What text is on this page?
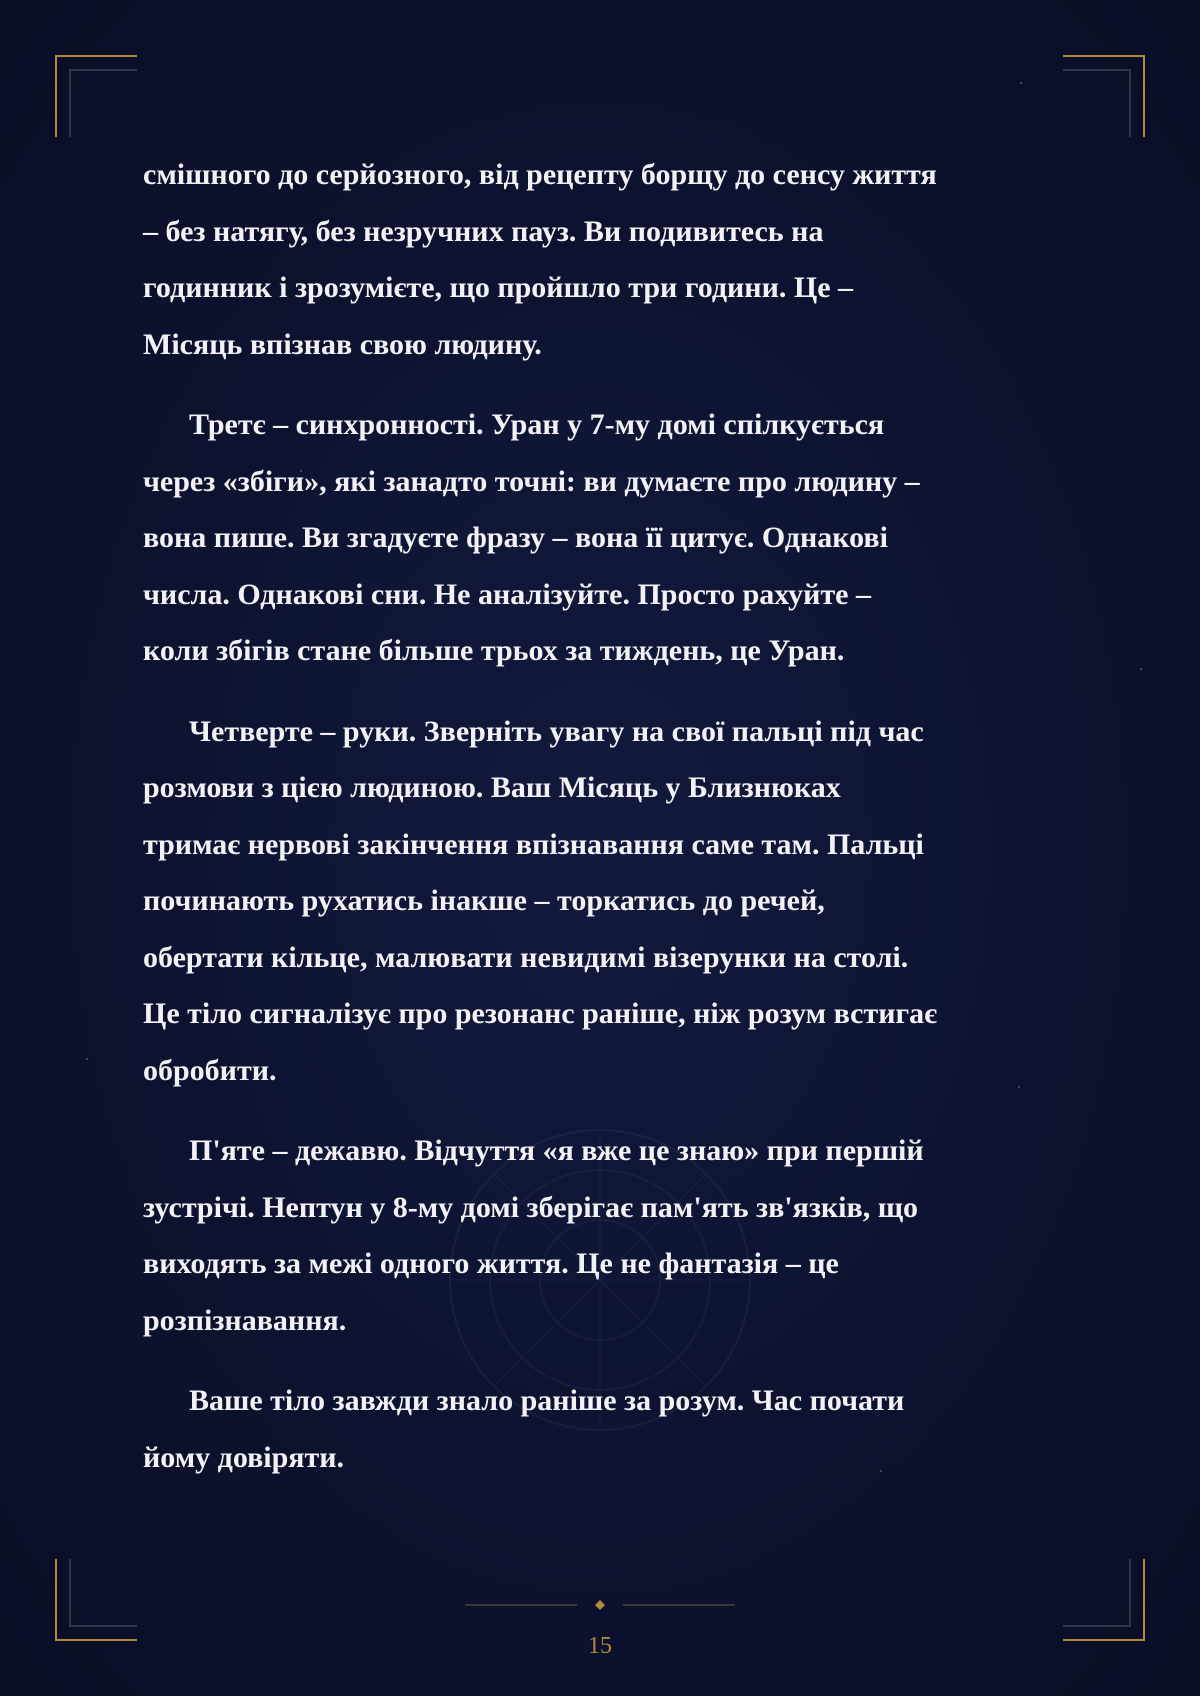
смішного до серйозного, від рецепту борщу до сенсу життя
– без натягу, без незручних пауз. Ви подивитесь на
годинник і зрозумієте, що пройшло три години. Це –
Місяць впізнав свою людину.

Третє – синхронності. Уран у 7-му домі спілкується
через «збіги», які занадто точні: ви думаєте про людину –
вона пише. Ви згадуєте фразу – вона її цитує. Однакові
числа. Однакові сни. Не аналізуйте. Просто рахуйте –
коли збігів стане більше трьох за тиждень, це Уран.

Четверте – руки. Зверніть увагу на свої пальці під час
розмови з цією людиною. Ваш Місяць у Близнюках
тримає нервові закінчення впізнавання саме там. Пальці
починають рухатись інакше – торкатись до речей,
обертати кільце, малювати невидимі візерунки на столі.
Це тіло сигналізує про резонанс раніше, ніж розум встигає
обробити.

П'яте – дежавю. Відчуття «я вже це знаю» при першій
зустрічі. Нептун у 8-му домі зберігає пам'ять зв'язків, що
виходять за межі одного життя. Це не фантазія – це
розпізнавання.

Ваше тіло завжди знало раніше за розум. Час почати
йому довіряти.

15
